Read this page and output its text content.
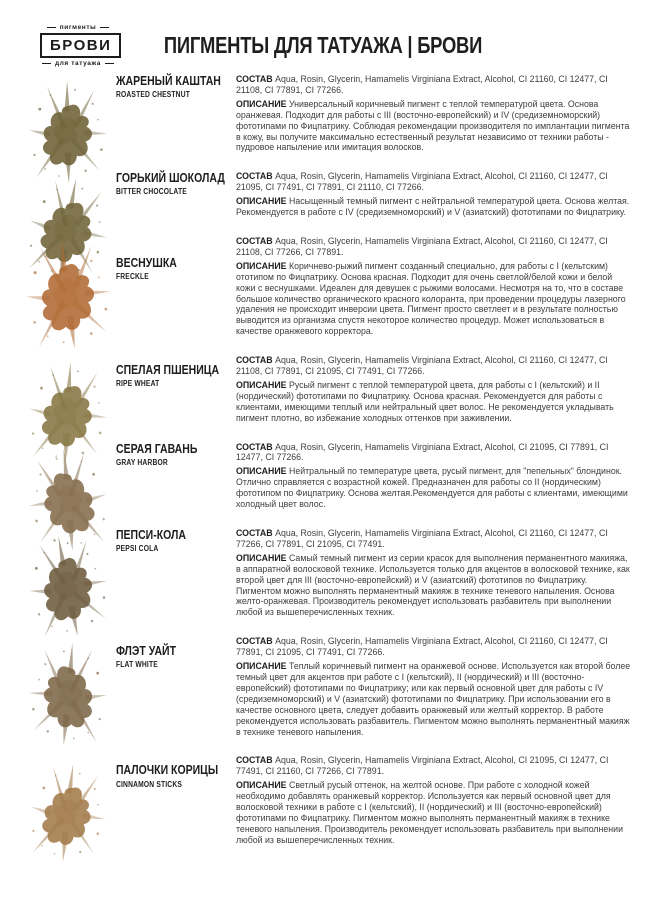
пигменты
БРОВИ
для татуажа
ПИГМЕНТЫ ДЛЯ ТАТУАЖА | БРОВИ
ЖАРЕНЫЙ КАШТАН
ROASTED CHESTNUT

СОСТАВ Aqua, Rosin, Glycerin, Hamamelis Virginiana Extract, Alcohol, CI 21160, CI 12477, CI 21108, CI 77891, CI 77266.

ОПИСАНИЕ Универсальный коричневый пигмент с теплой температурой цвета. Основа оранжевая. Подходит для работы с III (восточно-европейский) и IV (средиземноморский) фототипами по Фицпатрику. Соблюдая рекомендации производителя по имплантации пигмента в кожу, вы получите максимально естественный результат независимо от техники работы - пудровое напыление или имитация волосков.

ГОРЬКИЙ ШОКОЛАД
BITTER CHOCOLATE

СОСТАВ Aqua, Rosin, Glycerin, Hamamelis Virginiana Extract, Alcohol, CI 21160, CI 12477, CI 21095, CI 77491, CI 77891, CI 21110, CI 77266.

ОПИСАНИЕ Насыщенный темный пигмент с нейтральной температурой цвета. Основа желтая. Рекомендуется в работе с IV (средиземноморский) и V (азиатский) фототипами по Фицпатрику.

ВЕСНУШКА
FRECKLE

СОСТАВ Aqua, Rosin, Glycerin, Hamamelis Virginiana Extract, Alcohol, CI 21160, CI 12477, CI 21108, CI 77266, CI 77891.

ОПИСАНИЕ Коричнево-рыжий пигмент созданный специально, для работы с I (кельтским) ототипом по Фицпатрику. Основа красная. Подходит для очень светлой/белой кожи и белой кожи с веснушками. Идеален для девушек с рыжими волосами. Несмотря на то, что в составе большое количество органического красного колоранта, при проведении процедуры лазерного удаления не происходит инверсии цвета. Пигмент просто светлеет и в результате полностью выводится из организма спустя некоторое количество процедур. Может использоваться в качестве оранжевого корректора.

СПЕЛАЯ ПШЕНИЦА
RIPE WHEAT

СОСТАВ Aqua, Rosin, Glycerin, Hamamelis Virginiana Extract, Alcohol, CI 21160, CI 12477, CI 21108, CI 77891, CI 21095, CI 77491, CI 77266.

ОПИСАНИЕ Русый пигмент с теплой температурой цвета, для работы с I (кельтский) и II (нордический) фототипами по Фицпатрику. Основа красная. Рекомендуется для работы с клиентами, имеющими теплый или нейтральный цвет волос. Не рекомендуется укладывать пигмент плотно, во избежание холодных оттенков при заживлении.

СЕРАЯ ГАВАНЬ
GRAY HARBOR

СОСТАВ Aqua, Rosin, Glycerin, Hamamelis Virginiana Extract, Alcohol, CI 21095, CI 77891, CI 12477, CI 77266.

ОПИСАНИЕ Нейтральный по температуре цвета, русый пигмент, для "пепельных" блондинок. Отлично справляется с возрастной кожей. Предназначен для работы со II (нордическим) фототипом по Фицпатрику. Основа желтая.Рекомендуется для работы с клиентами, имеющими холодный цвет волос.

ПЕПСИ-КОЛА
PEPSI COLA

СОСТАВ Aqua, Rosin, Glycerin, Hamamelis Virginiana Extract, Alcohol, CI 21160, CI 12477, CI 77266, CI 77891, CI 21095, CI 77491.

ОПИСАНИЕ Самый темный пигмент из серии красок для выполнения перманентного макияжа, в аппаратной волосковой технике. Используется только для акцентов в волосковой технике, как второй цвет для III (восточно-европейский) и V (азиатский) фототипов по Фицпатрику. Пигментом можно выполнять перманентный макияж в технике теневого напыления. Основа желто-оранжевая. Производитель рекомендует использовать разбавитель при выполнении любой из вышеперечисленных техник.

ФЛЭТ УАЙТ
FLAT WHITE

СОСТАВ Aqua, Rosin, Glycerin, Hamamelis Virginiana Extract, Alcohol, CI 21160, CI 12477, CI 77891, CI 21095, CI 77491, CI 77266.

ОПИСАНИЕ Теплый коричневый пигмент на оранжевой основе. Используется как второй более темный цвет для акцентов при работе с I (кельтский), II (нордический) и III (восточно-европейский) фототипами по Фицпатрику; или как первый основной цвет для работы с IV (средиземноморский) и V (азиатский) фототипами по Фицпатрику. При использовании его в качестве основного цвета, следует добавить оранжевый или желтый корректор. В работе рекомендуется использовать разбавитель. Пигментом можно выполнять перманентный макияж в технике теневого напыления.

ПАЛОЧКИ КОРИЦЫ
CINNAMON STICKS

СОСТАВ Aqua, Rosin, Glycerin, Hamamelis Virginiana Extract, Alcohol, CI 21095, CI 12477, CI 77491, CI 21160, CI 77266, CI 77891.

ОПИСАНИЕ Светлый русый оттенок, на желтой основе. При работе с холодной кожей необходимо добавлять оранжевый корректор. Используется как первый основной цвет для волосковой техники в работе с I (кельтский), II (нордический) и III (восточно-европейский) фототипами по Фицпатрику. Пигментом можно выполнять перманентный макияж в технике теневого напыления. Производитель рекомендует использовать разбавитель при выполнении любой из вышеперечисленных техник.
